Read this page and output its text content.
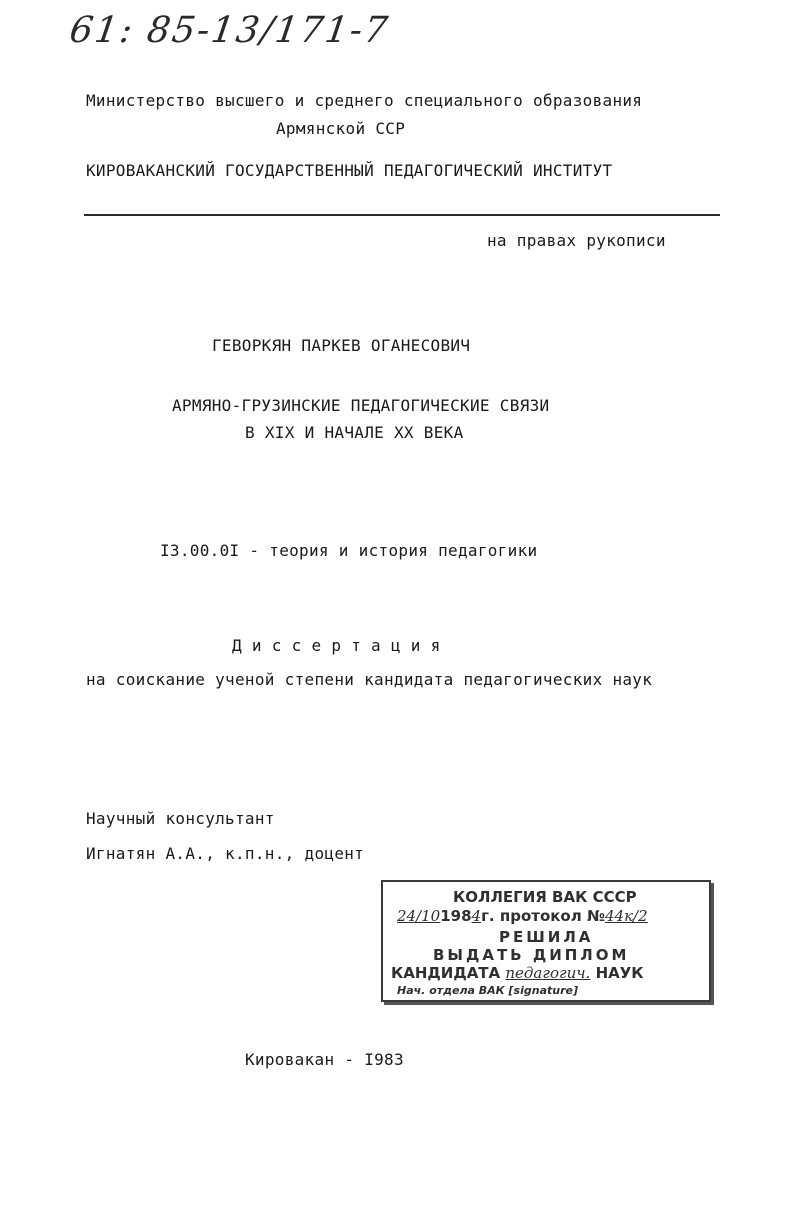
61: 85-13/171-7
Министерство высшего и среднего специального образования
Армянской ССР
КИРОВАКАНСКИЙ ГОСУДАРСТВЕННЫЙ ПЕДАГОГИЧЕСКИЙ ИНСТИТУТ
на правах рукописи
ГЕВОРКЯН ПАРКЕВ ОГАНЕСОВИЧ
АРМЯНО-ГРУЗИНСКИЕ ПЕДАГОГИЧЕСКИЕ СВЯЗИ
В XIX И НАЧАЛЕ XX ВЕКА
I3.00.0I - теория и история педагогики
Д и с с е р т а ц и я
на соискание ученой степени кандидата педагогических наук
Научный консультант
Игнатян А.А., к.п.н., доцент
КОЛЛЕГИЯ ВАК СССР
24/101984г. протокол №44к/2
РЕШИЛА
ВЫДАТЬ ДИПЛОМ
КАНДИДАТА педагогич. НАУК
Нач. отдела ВАК [signature]
Кировакан - I983
